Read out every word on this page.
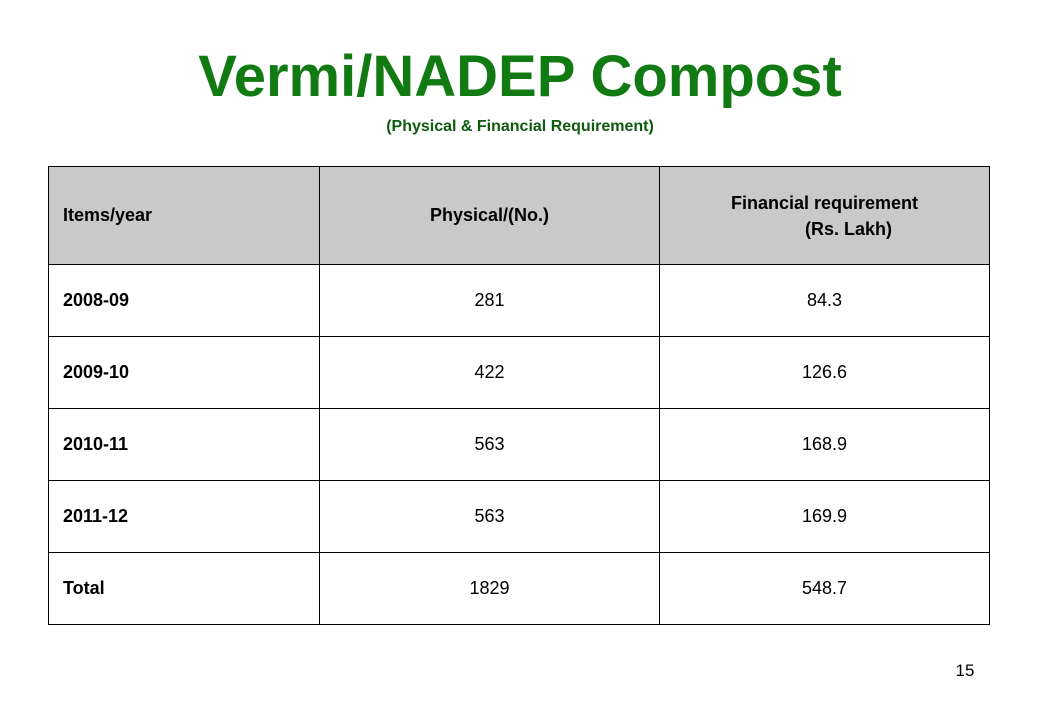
Vermi/NADEP Compost
(Physical & Financial Requirement)
Items/year	Physical/(No.)	Financial requirement
(Rs. Lakh)

2008-09	281	84.3
2009-10	422	126.6
2010-11	563	168.9
2011-12	563	169.9
Total	1829	548.7
15
